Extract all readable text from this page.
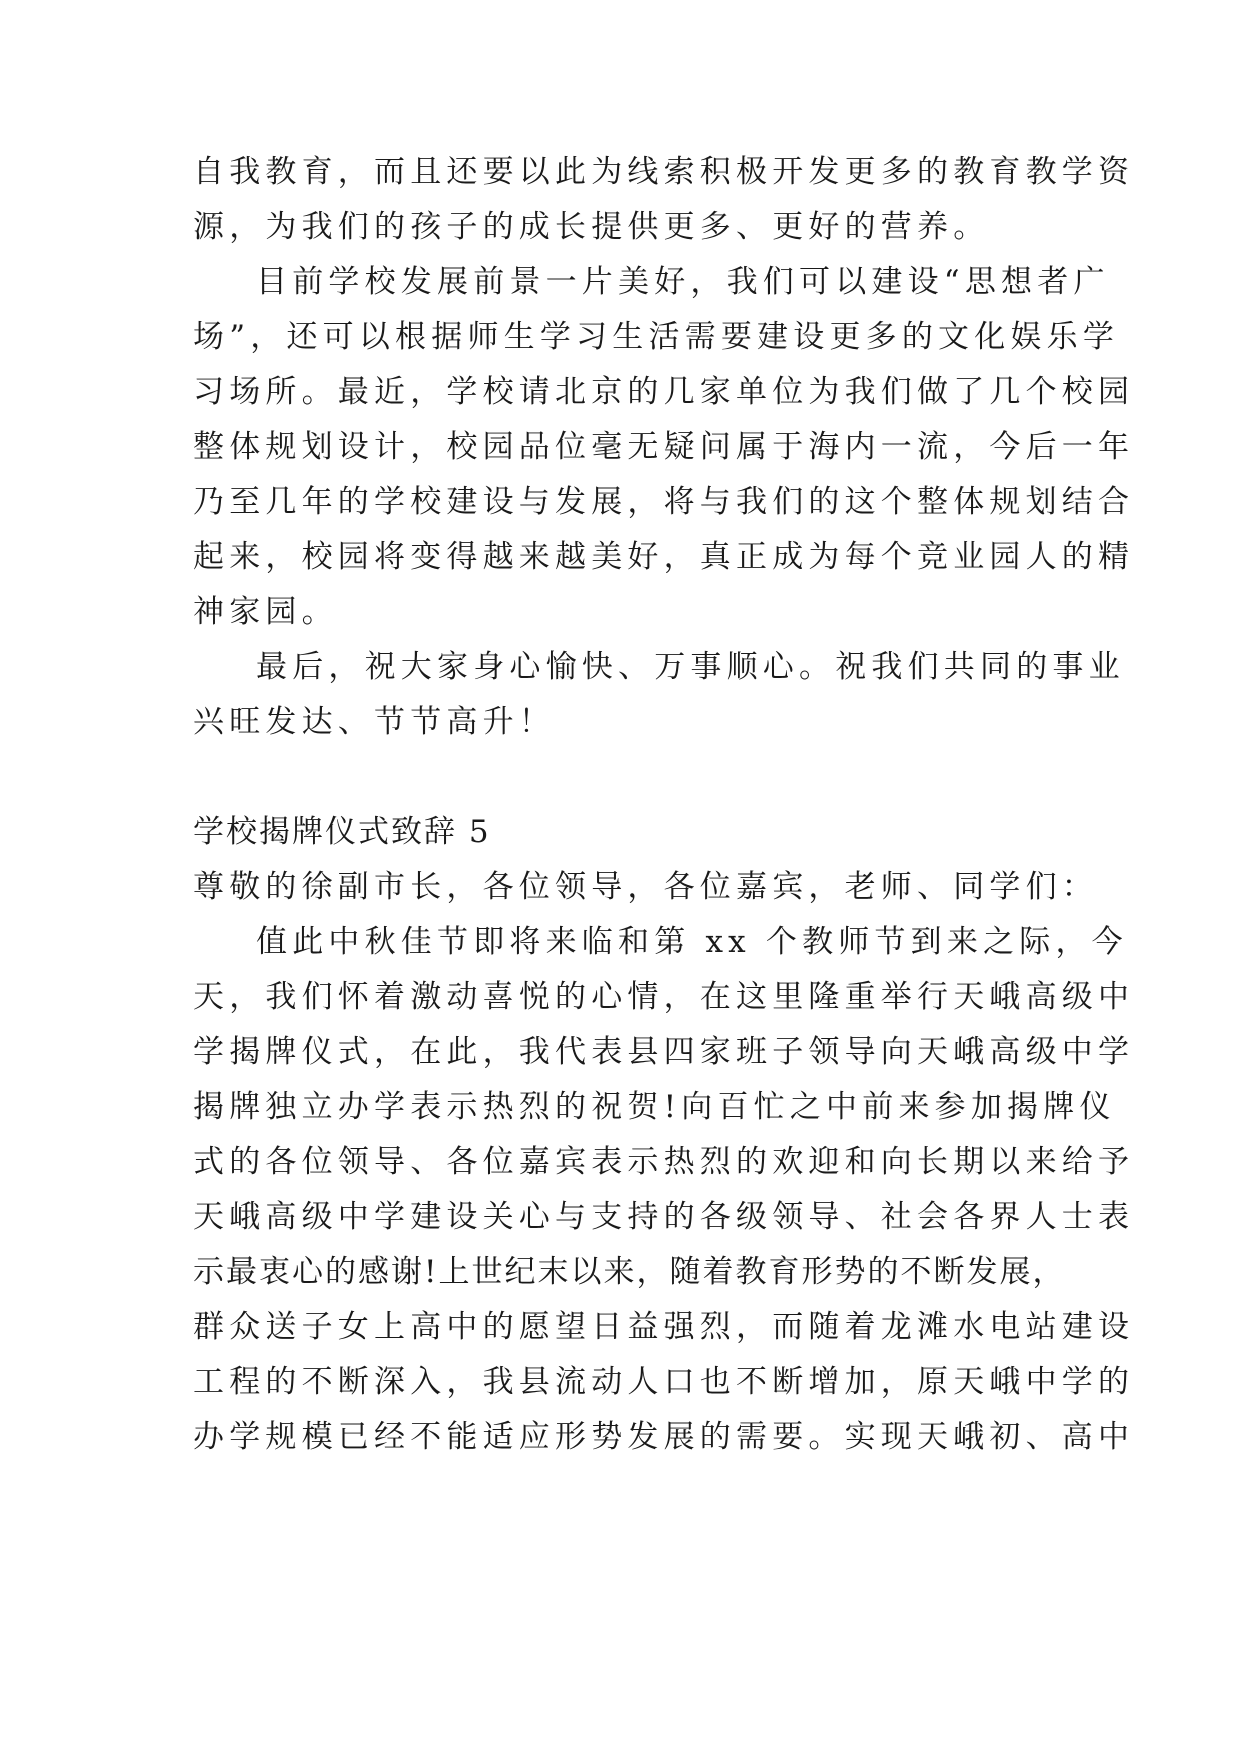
自我教育，而且还要以此为线索积极开发更多的教育教学资
源，为我们的孩子的成长提供更多、更好的营养。
目前学校发展前景一片美好，我们可以建设“思想者广
场”，还可以根据师生学习生活需要建设更多的文化娱乐学
习场所。最近，学校请北京的几家单位为我们做了几个校园
整体规划设计，校园品位毫无疑问属于海内一流，今后一年
乃至几年的学校建设与发展，将与我们的这个整体规划结合
起来，校园将变得越来越美好，真正成为每个竞业园人的精
神家园。
最后，祝大家身心愉快、万事顺心。祝我们共同的事业
兴旺发达、节节高升！
学校揭牌仪式致辞 5
尊敬的徐副市长，各位领导，各位嘉宾，老师、同学们：
值此中秋佳节即将来临和第 xx 个教师节到来之际，今
天，我们怀着激动喜悦的心情，在这里隆重举行天峨高级中
学揭牌仪式，在此，我代表县四家班子领导向天峨高级中学
揭牌独立办学表示热烈的祝贺!向百忙之中前来参加揭牌仪
式的各位领导、各位嘉宾表示热烈的欢迎和向长期以来给予
天峨高级中学建设关心与支持的各级领导、社会各界人士表
示最衷心的感谢!上世纪末以来，随着教育形势的不断发展，
群众送子女上高中的愿望日益强烈，而随着龙滩水电站建设
工程的不断深入，我县流动人口也不断增加，原天峨中学的
办学规模已经不能适应形势发展的需要。实现天峨初、高中
